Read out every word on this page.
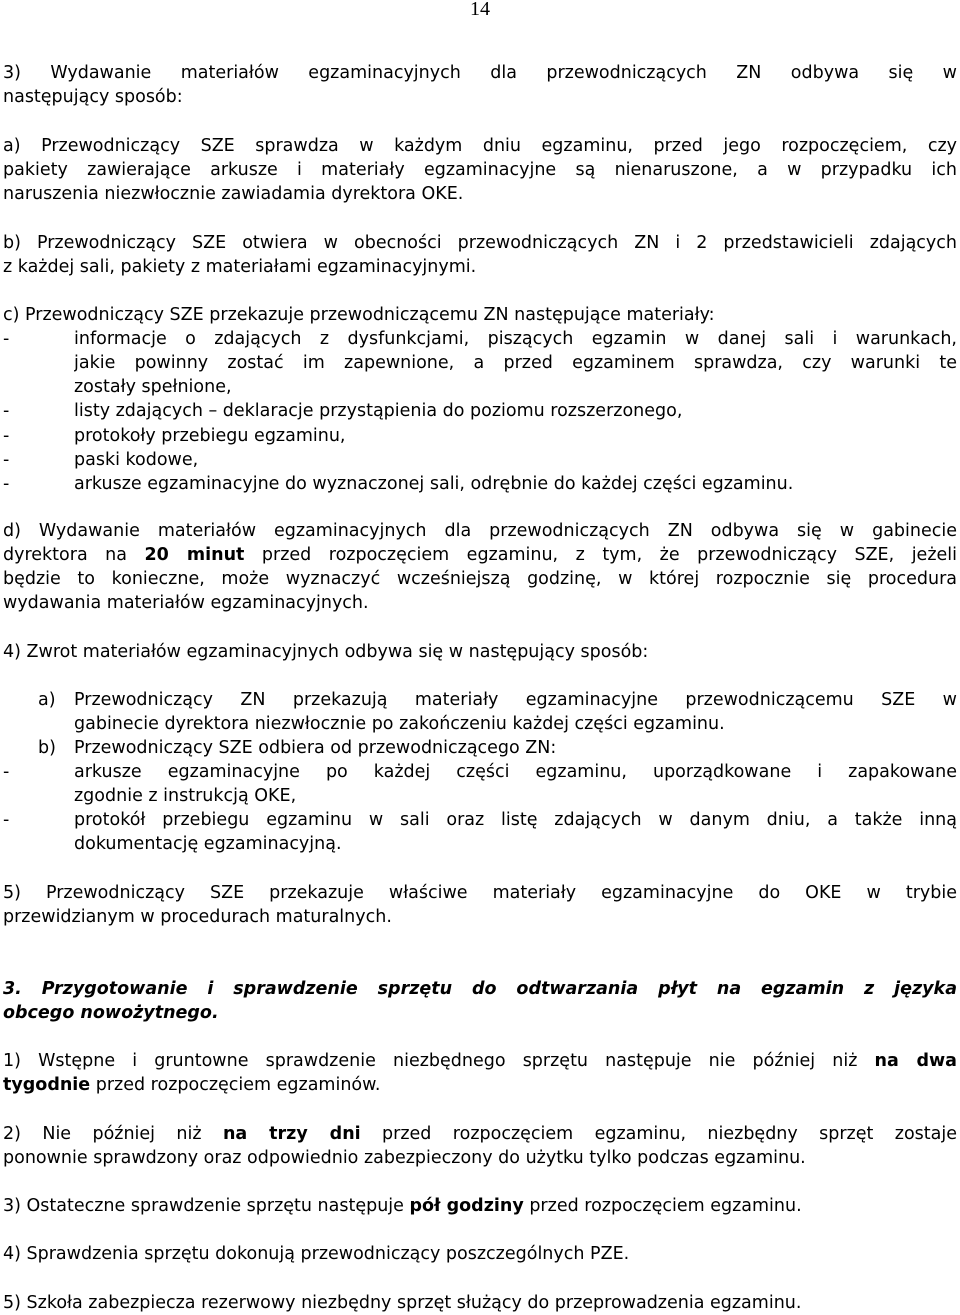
14
3) Wydawanie materiałów egzaminacyjnych dla przewodniczących ZN odbywa się w
następujący sposób:
a) Przewodniczący SZE sprawdza w każdym dniu egzaminu, przed jego rozpoczęciem, czy
pakiety zawierające arkusze i materiały egzaminacyjne są nienaruszone, a w przypadku ich
naruszenia niezwłocznie zawiadamia dyrektora OKE.
b) Przewodniczący SZE otwiera w obecności przewodniczących ZN i 2 przedstawicieli zdających
z każdej sali, pakiety z materiałami egzaminacyjnymi.
c) Przewodniczący SZE przekazuje przewodniczącemu ZN następujące materiały:
-	informacje o zdających z dysfunkcjami, piszących egzamin w danej sali i warunkach,
jakie powinny zostać im zapewnione, a przed egzaminem sprawdza, czy warunki te
zostały spełnione,
-	listy zdających – deklaracje przystąpienia do poziomu rozszerzonego,
-	protokoły przebiegu egzaminu,
-	paski kodowe,
-	arkusze egzaminacyjne do wyznaczonej sali, odrębnie do każdej części egzaminu.
d) Wydawanie materiałów egzaminacyjnych dla przewodniczących ZN odbywa się w gabinecie
dyrektora na 20 minut przed rozpoczęciem egzaminu, z tym, że przewodniczący SZE, jeżeli
będzie to konieczne, może wyznaczyć wcześniejszą godzinę, w której rozpocznie się procedura
wydawania materiałów egzaminacyjnych.
4) Zwrot materiałów egzaminacyjnych odbywa się w następujący sposób:
a) Przewodniczący ZN przekazują materiały egzaminacyjne przewodniczącemu SZE w
gabinecie dyrektora niezwłocznie po zakończeniu każdej części egzaminu.
b) Przewodniczący SZE odbiera od przewodniczącego ZN:
-	arkusze egzaminacyjne po każdej części egzaminu, uporządkowane i zapakowane
zgodnie z instrukcją OKE,
-	protokół przebiegu egzaminu w sali oraz listę zdających w danym dniu, a także inną
dokumentację egzaminacyjną.
5) Przewodniczący SZE przekazuje właściwe materiały egzaminacyjne do OKE w trybie
przewidzianym w procedurach maturalnych.
3. Przygotowanie i sprawdzenie sprzętu do odtwarzania płyt na egzamin z języka
obcego nowożytnego.
1) Wstępne i gruntowne sprawdzenie niezbędnego sprzętu następuje nie później niż na dwa
tygodnie przed rozpoczęciem egzaminów.
2) Nie później niż na trzy dni przed rozpoczęciem egzaminu, niezbędny sprzęt zostaje
ponownie sprawdzony oraz odpowiednio zabezpieczony do użytku tylko podczas egzaminu.
3) Ostateczne sprawdzenie sprzętu następuje pół godziny przed rozpoczęciem egzaminu.
4) Sprawdzenia sprzętu dokonują przewodniczący poszczególnych PZE.
5) Szkoła zabezpiecza rezerwowy niezbędny sprzęt służący do przeprowadzenia egzaminu.
